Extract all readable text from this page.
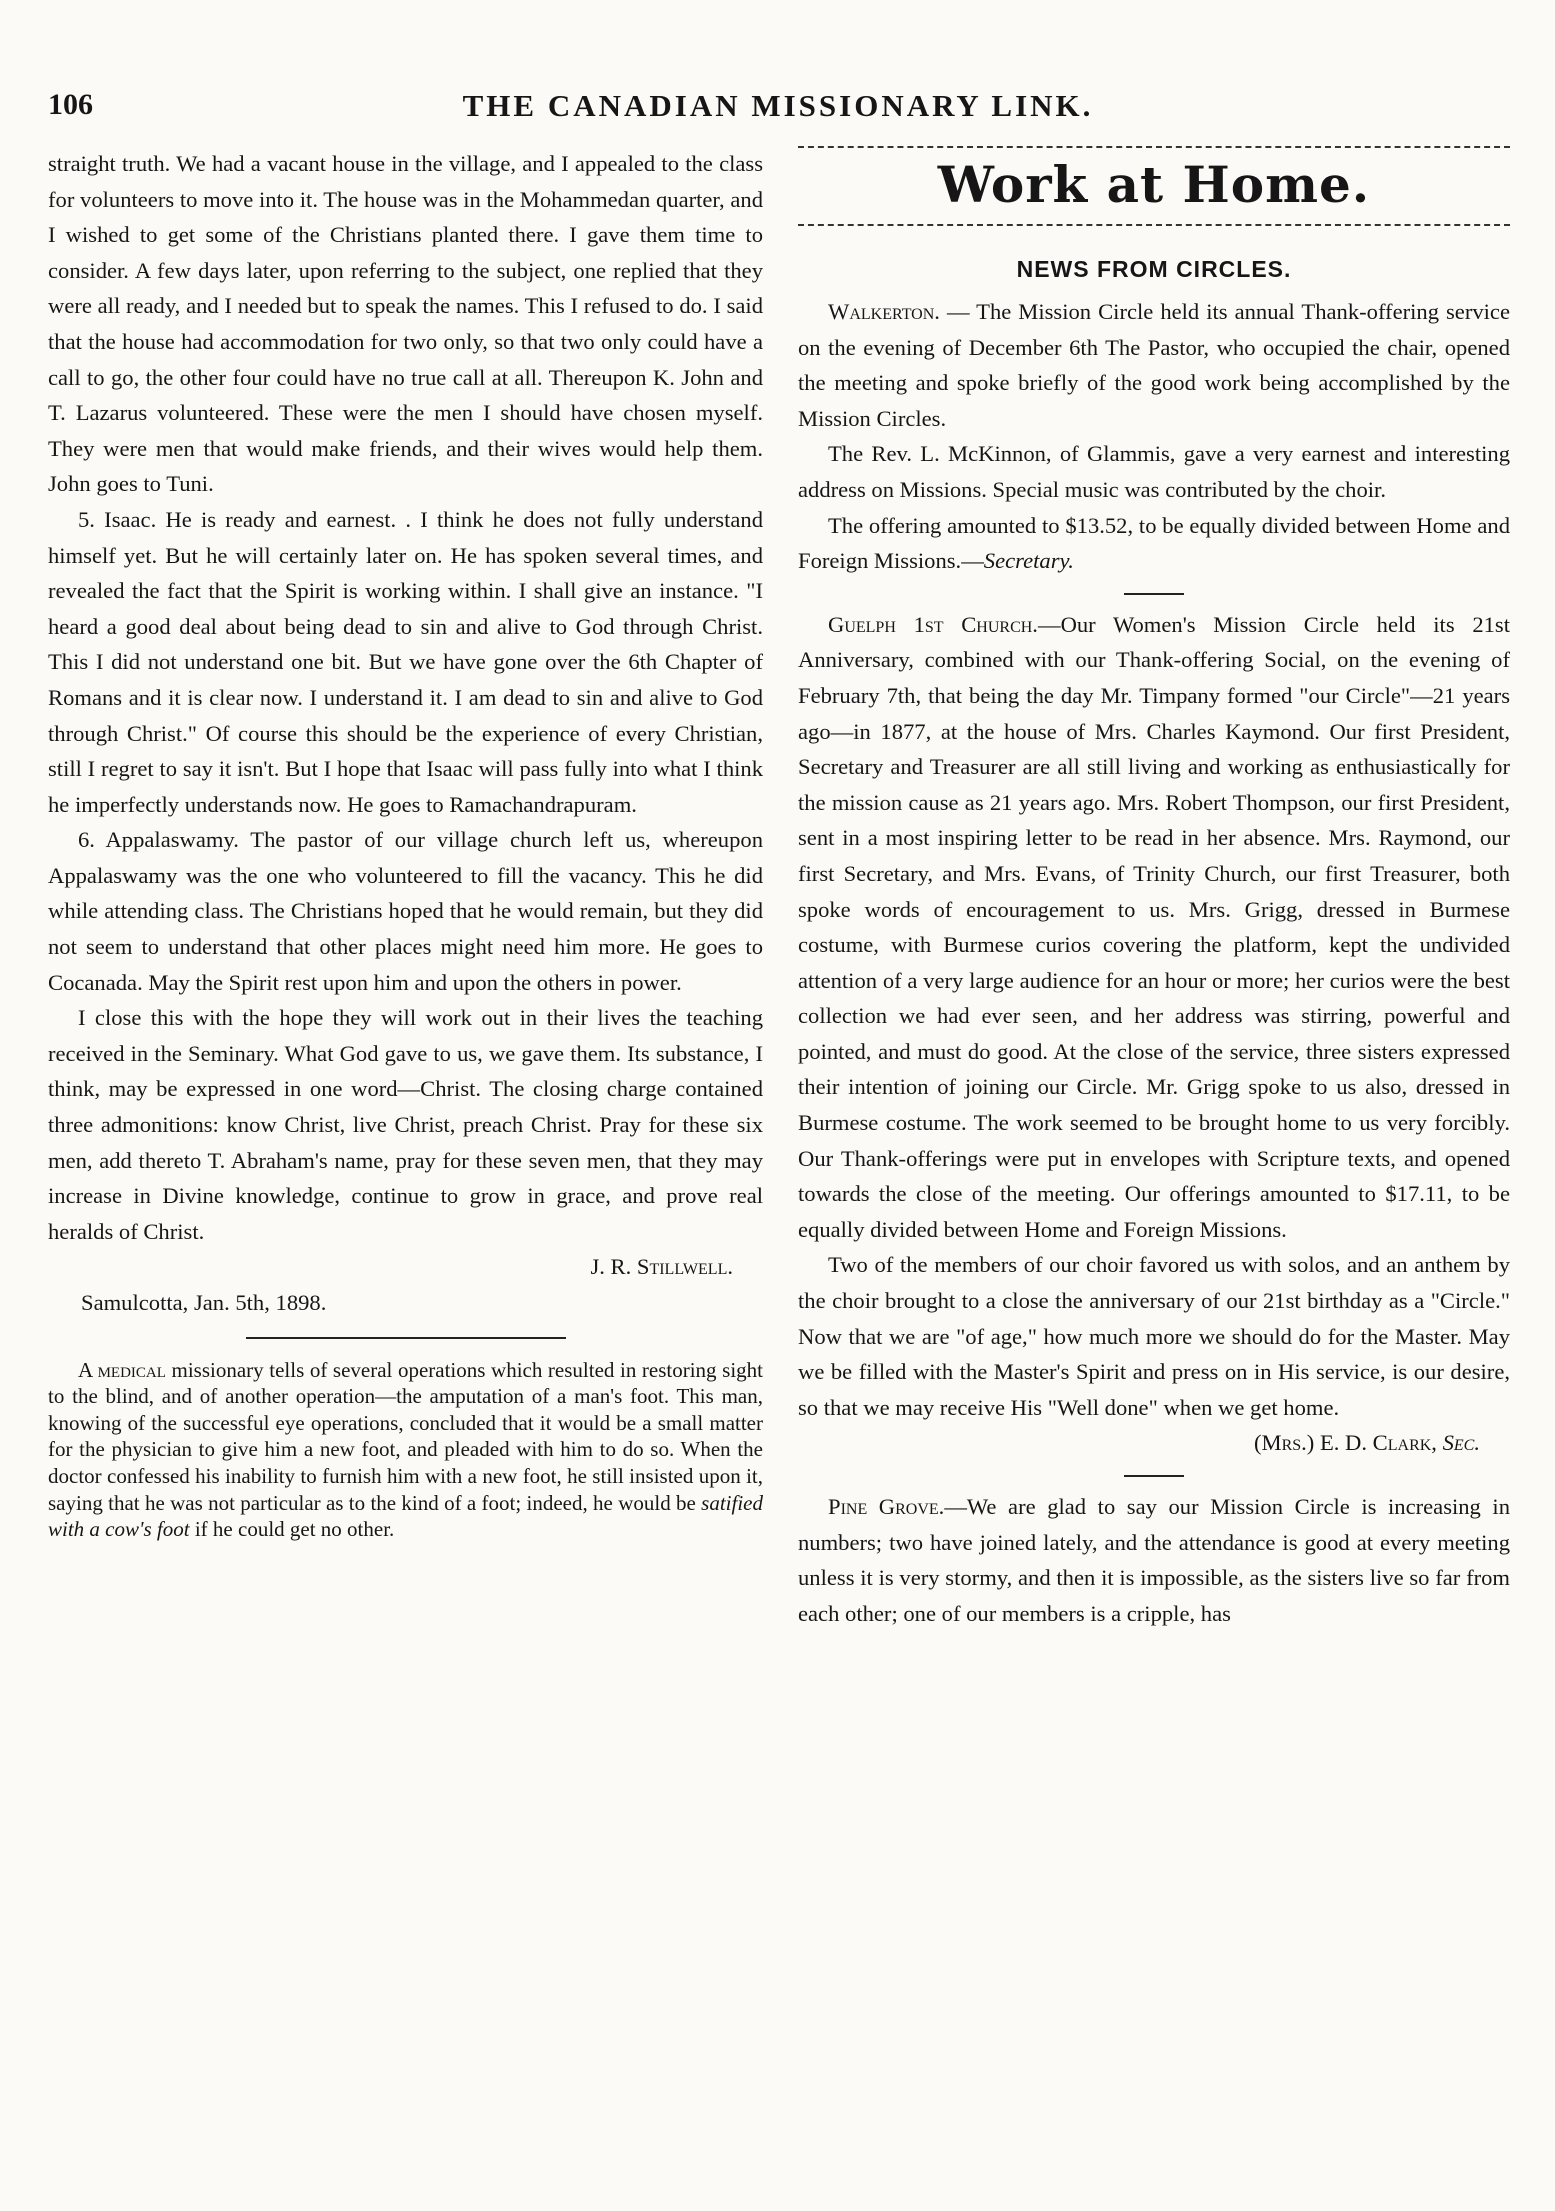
106	THE CANADIAN MISSIONARY LINK.

straight truth. We had a vacant house in the village, and I appealed to the class for volunteers to move into it. The house was in the Mohammedan quarter, and I wished to get some of the Christians planted there. I gave them time to consider. A few days later, upon referring to the subject, one replied that they were all ready, and I needed but to speak the names. This I refused to do. I said that the house had accommodation for two only, so that two only could have a call to go, the other four could have no true call at all. Thereupon K. John and T. Lazarus volunteered. These were the men I should have chosen myself. They were men that would make friends, and their wives would help them. John goes to Tuni.

5. Isaac. He is ready and earnest. . I think he does not fully understand himself yet. But he will certainly later on. He has spoken several times, and revealed the fact that the Spirit is working within. I shall give an instance. "I heard a good deal about being dead to sin and alive to God through Christ. This I did not understand one bit. But we have gone over the 6th Chapter of Romans and it is clear now. I understand it. I am dead to sin and alive to God through Christ." Of course this should be the experience of every Christian, still I regret to say it isn't. But I hope that Isaac will pass fully into what I think he imperfectly understands now. He goes to Ramachandrapuram.

6. Appalaswamy. The pastor of our village church left us, whereupon Appalaswamy was the one who volunteered to fill the vacancy. This he did while attending class. The Christians hoped that he would remain, but they did not seem to understand that other places might need him more. He goes to Cocanada. May the Spirit rest upon him and upon the others in power.

I close this with the hope they will work out in their lives the teaching received in the Seminary. What God gave to us, we gave them. Its substance, I think, may be expressed in one word—Christ. The closing charge contained three admonitions: know Christ, live Christ, preach Christ. Pray for these six men, add thereto T. Abraham's name, pray for these seven men, that they may increase in Divine knowledge, continue to grow in grace, and prove real heralds of Christ.

J. R. Stillwell.

Samulcotta, Jan. 5th, 1898.

A medical missionary tells of several operations which resulted in restoring sight to the blind, and of another operation—the amputation of a man's foot. This man, knowing of the successful eye operations, concluded that it would be a small matter for the physician to give him a new foot, and pleaded with him to do so. When the doctor confessed his inability to furnish him with a new foot, he still insisted upon it, saying that he was not particular as to the kind of a foot; indeed, he would be satified with a cow's foot if he could get no other.

Work at Home.
NEWS FROM CIRCLES.

Walkerton. — The Mission Circle held its annual Thank-offering service on the evening of December 6th The Pastor, who occupied the chair, opened the meeting and spoke briefly of the good work being accomplished by the Mission Circles.

The Rev. L. McKinnon, of Glammis, gave a very earnest and interesting address on Missions. Special music was contributed by the choir.

The offering amounted to $13.52, to be equally divided between Home and Foreign Missions.—Secretary.

Guelph 1st Church.—Our Women's Mission Circle held its 21st Anniversary, combined with our Thank-offering Social, on the evening of February 7th, that being the day Mr. Timpany formed "our Circle"—21 years ago—in 1877, at the house of Mrs. Charles Kaymond. Our first President, Secretary and Treasurer are all still living and working as enthusiastically for the mission cause as 21 years ago. Mrs. Robert Thompson, our first President, sent in a most inspiring letter to be read in her absence. Mrs. Raymond, our first Secretary, and Mrs. Evans, of Trinity Church, our first Treasurer, both spoke words of encouragement to us. Mrs. Grigg, dressed in Burmese costume, with Burmese curios covering the platform, kept the undivided attention of a very large audience for an hour or more; her curios were the best collection we had ever seen, and her address was stirring, powerful and pointed, and must do good. At the close of the service, three sisters expressed their intention of joining our Circle. Mr. Grigg spoke to us also, dressed in Burmese costume. The work seemed to be brought home to us very forcibly. Our Thank-offerings were put in envelopes with Scripture texts, and opened towards the close of the meeting. Our offerings amounted to $17.11, to be equally divided between Home and Foreign Missions.

Two of the members of our choir favored us with solos, and an anthem by the choir brought to a close the anniversary of our 21st birthday as a "Circle." Now that we are "of age," how much more we should do for the Master. May we be filled with the Master's Spirit and press on in His service, is our desire, so that we may receive His "Well done" when we get home.

(Mrs.) E. D. Clark, Sec.

Pine Grove.—We are glad to say our Mission Circle is increasing in numbers; two have joined lately, and the attendance is good at every meeting unless it is very stormy, and then it is impossible, as the sisters live so far from each other; one of our members is a cripple, has
